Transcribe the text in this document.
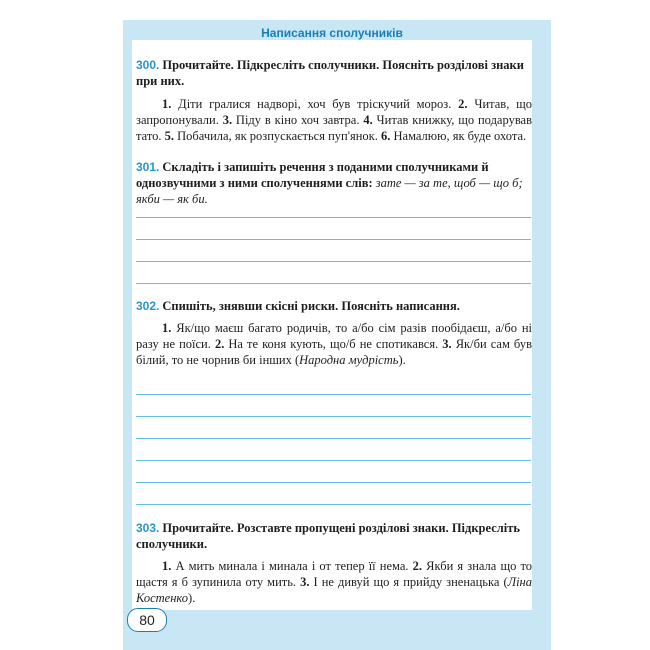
Написання сполучників
300. Прочитайте. Підкресліть сполучники. Поясніть розділові знаки при них.
1. Діти гралися надворі, хоч був тріскучий мороз. 2. Читав, що запропонували. 3. Піду в кіно хоч завтра. 4. Читав книжку, що подарував тато. 5. Побачила, як розпускається пуп'янок. 6. Намалюю, як буде охота.
301. Складіть і запишіть речення з поданими сполучниками й однозвучними з ними сполученнями слів: зате — за те, щоб — що б; якби — як би.
302. Спишіть, знявши скісні риски. Поясніть написання.
1. Як/що маєш багато родичів, то а/бо сім разів пообідаєш, а/бо ні разу не поїси. 2. На те коня кують, що/б не спотикався. 3. Як/би сам був білий, то не чорнив би інших (Народна мудрість).
303. Прочитайте. Розставте пропущені розділові знаки. Підкресліть сполучники.
1. А мить минала і минала і от тепер її нема. 2. Якби я знала що то щастя я б зупинила оту мить. 3. І не дивуй що я прийду зненацька (Ліна Костенко).
80
